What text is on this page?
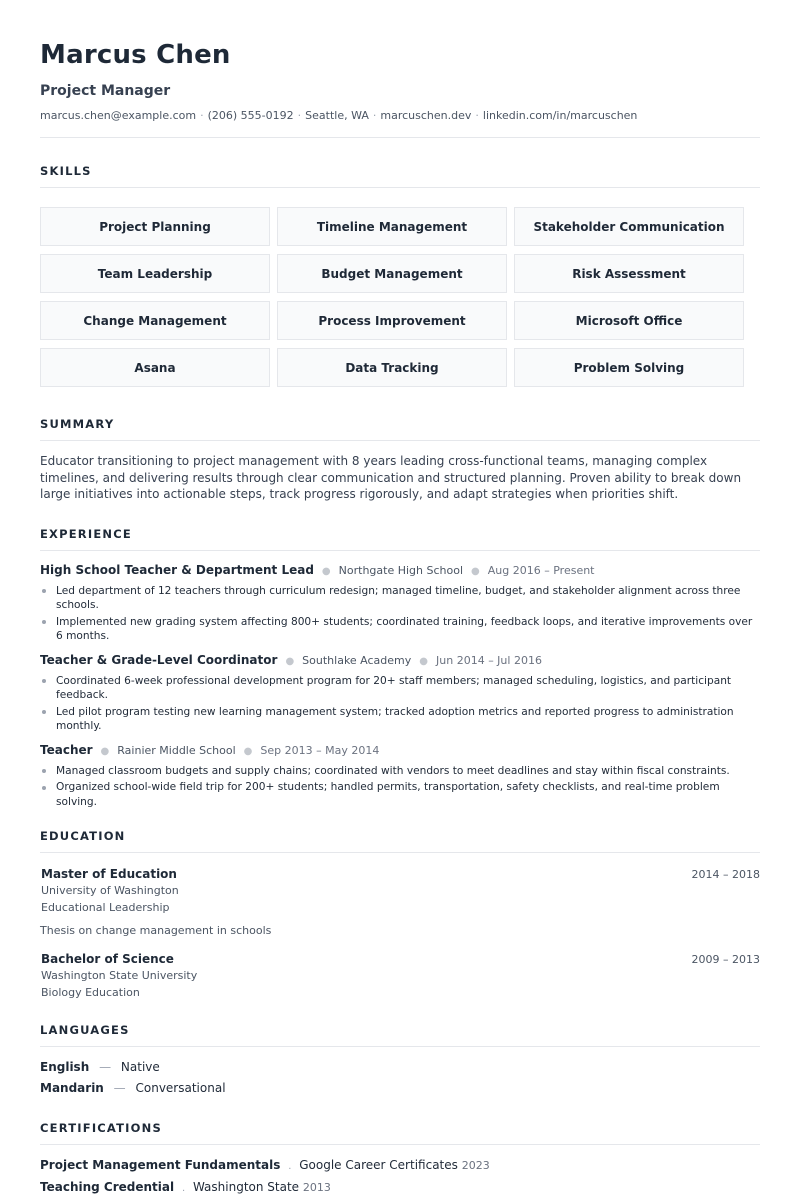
Marcus Chen
Project Manager
marcus.chen@example.com · (206) 555-0192 · Seattle, WA · marcuschen.dev · linkedin.com/in/marcuschen
SKILLS
Project Planning	Timeline Management	Stakeholder Communication
Team Leadership	Budget Management	Risk Assessment
Change Management	Process Improvement	Microsoft Office
Asana	Data Tracking	Problem Solving
SUMMARY

Educator transitioning to project management with 8 years leading cross-functional teams, managing complex timelines, and delivering results through clear communication and structured planning. Proven ability to break down large initiatives into actionable steps, track progress rigorously, and adapt strategies when priorities shift.

EXPERIENCE
High School Teacher & Department Lead ● Northgate High School ● Aug 2016 – Present
Led department of 12 teachers through curriculum redesign; managed timeline, budget, and stakeholder alignment across three schools.
Implemented new grading system affecting 800+ students; coordinated training, feedback loops, and iterative improvements over 6 months.
Teacher & Grade-Level Coordinator ● Southlake Academy ● Jun 2014 – Jul 2016
Coordinated 6-week professional development program for 20+ staff members; managed scheduling, logistics, and participant feedback.
Led pilot program testing new learning management system; tracked adoption metrics and reported progress to administration monthly.
Teacher ● Rainier Middle School ● Sep 2013 – May 2014
Managed classroom budgets and supply chains; coordinated with vendors to meet deadlines and stay within fiscal constraints.
Organized school-wide field trip for 200+ students; handled permits, transportation, safety checklists, and real-time problem solving.
EDUCATION
Master of Education	2014 – 2018
University of Washington
Educational Leadership
Thesis on change management in schools
Bachelor of Science	2009 – 2013
Washington State University
Biology Education
LANGUAGES
English — Native
Mandarin — Conversational
CERTIFICATIONS
Project Management Fundamentals . Google Career Certificates 2023
Teaching Credential . Washington State 2013
